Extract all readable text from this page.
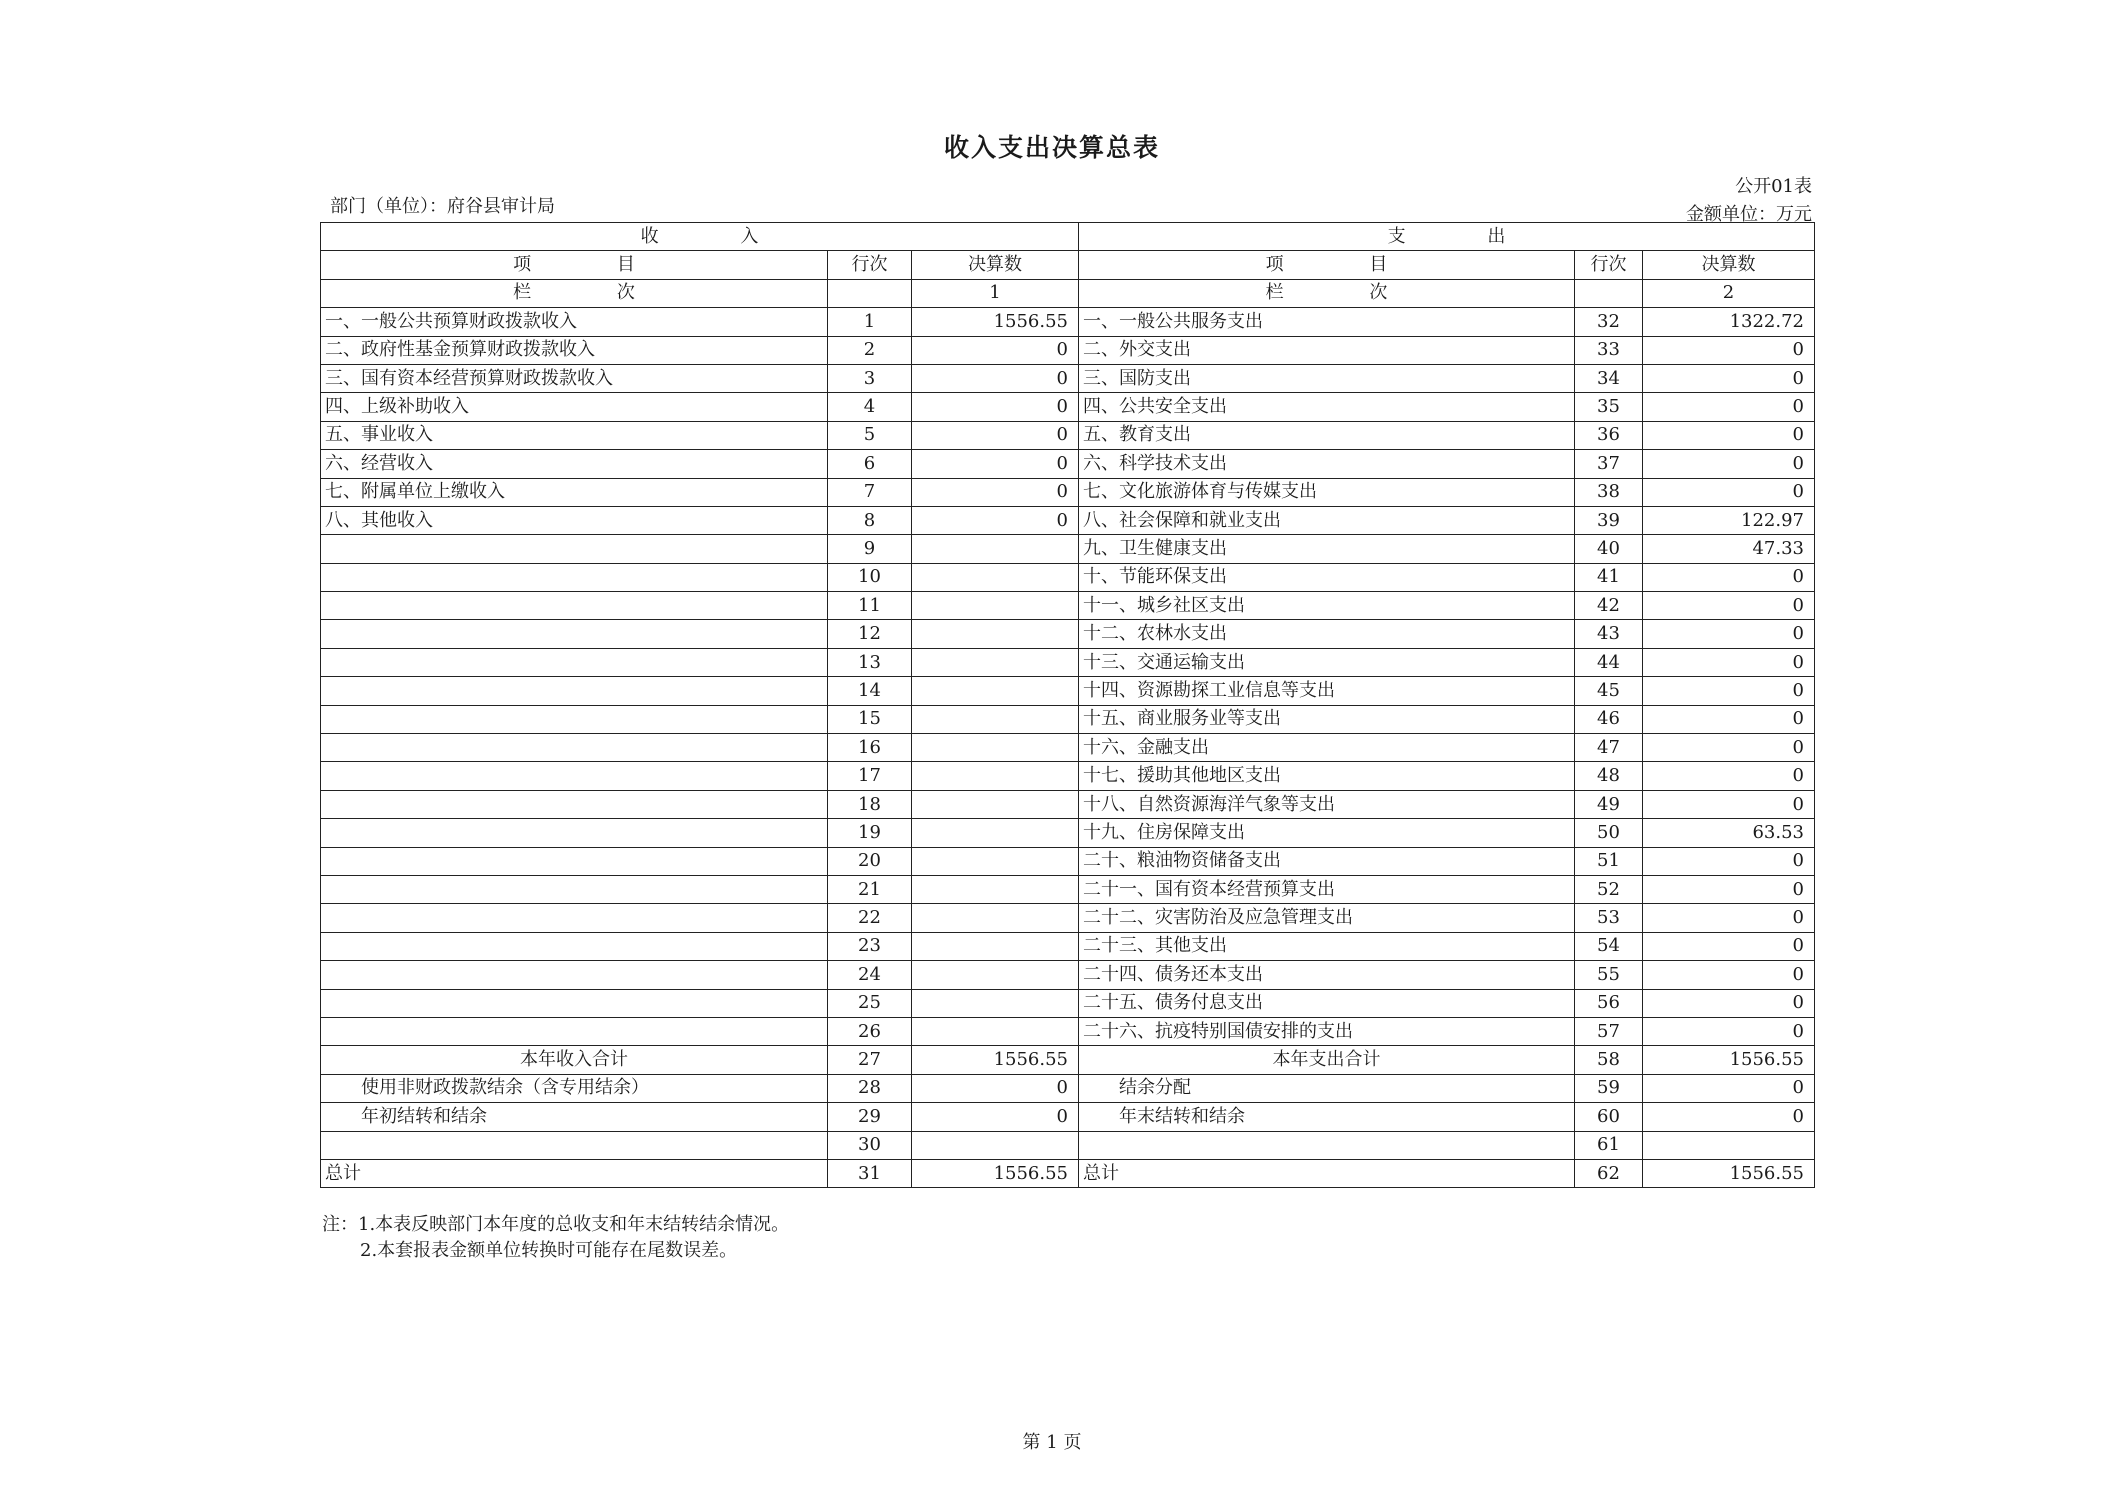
收入支出决算总表
公开01表
部门（单位）：府谷县审计局	金额单位：万元
收 入			支 出		
项 目	行次	决算数	项 目	行次	决算数
栏 次		1	栏 次		2
一、一般公共预算财政拨款收入	1	1556.55	一、一般公共服务支出	32	1322.72
二、政府性基金预算财政拨款收入	2	0	二、外交支出	33	0
三、国有资本经营预算财政拨款收入	3	0	三、国防支出	34	0
四、上级补助收入	4	0	四、公共安全支出	35	0
五、事业收入	5	0	五、教育支出	36	0
六、经营收入	6	0	六、科学技术支出	37	0
七、附属单位上缴收入	7	0	七、文化旅游体育与传媒支出	38	0
八、其他收入	8	0	八、社会保障和就业支出	39	122.97
	9		九、卫生健康支出	40	47.33
	10		十、节能环保支出	41	0
	11		十一、城乡社区支出	42	0
	12		十二、农林水支出	43	0
	13		十三、交通运输支出	44	0
	14		十四、资源勘探工业信息等支出	45	0
	15		十五、商业服务业等支出	46	0
	16		十六、金融支出	47	0
	17		十七、援助其他地区支出	48	0
	18		十八、自然资源海洋气象等支出	49	0
	19		十九、住房保障支出	50	63.53
	20		二十、粮油物资储备支出	51	0
	21		二十一、国有资本经营预算支出	52	0
	22		二十二、灾害防治及应急管理支出	53	0
	23		二十三、其他支出	54	0
	24		二十四、债务还本支出	55	0
	25		二十五、债务付息支出	56	0
	26		二十六、抗疫特别国债安排的支出	57	0
本年收入合计	27	1556.55	本年支出合计	58	1556.55
使用非财政拨款结余（含专用结余）	28	0	结余分配	59	0
年初结转和结余	29	0	年末结转和结余	60	0
	30			61	
总计	31	1556.55	总计	62	1556.55
注：1.本表反映部门本年度的总收支和年末结转结余情况。
2.本套报表金额单位转换时可能存在尾数误差。
第 1 页
